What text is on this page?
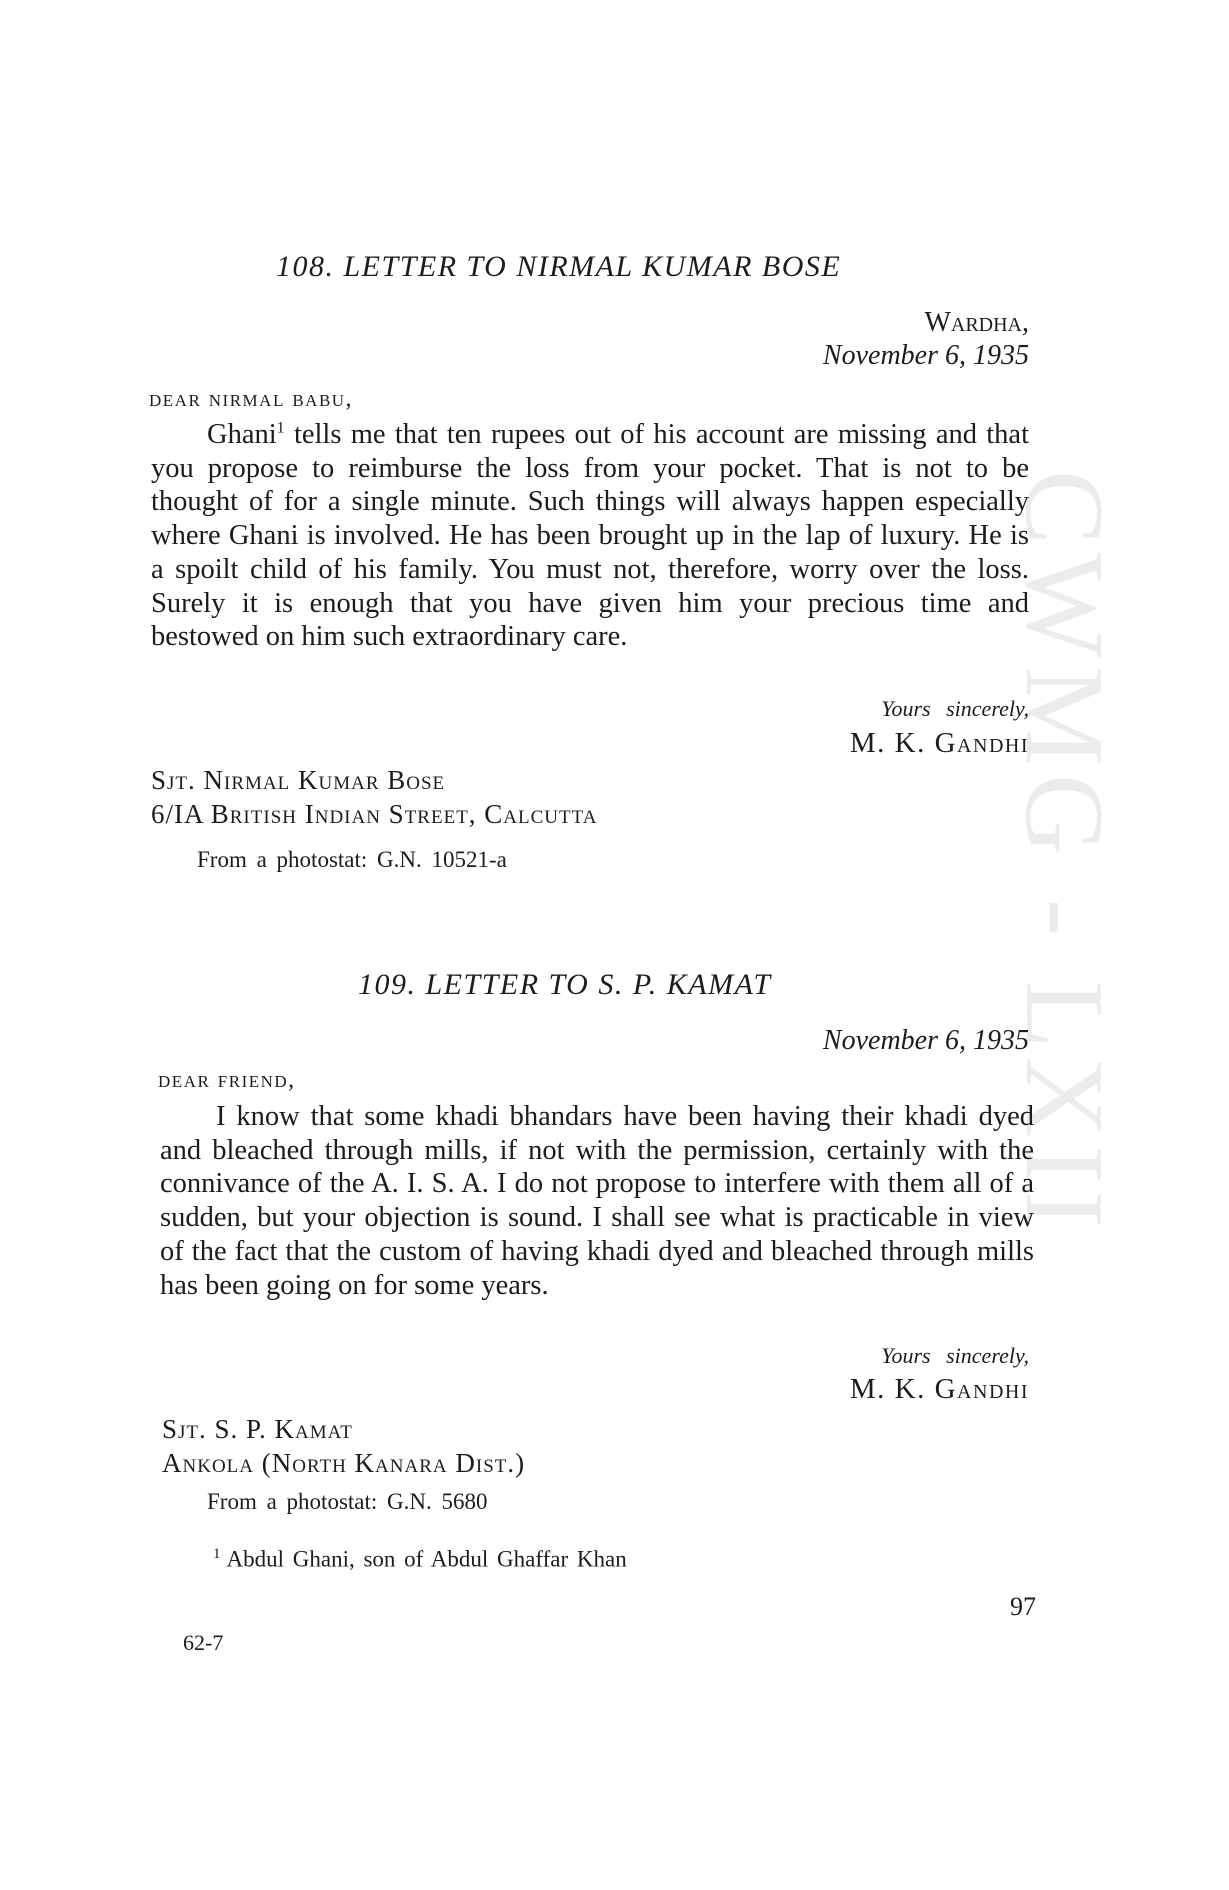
CWMG - LXII
108. LETTER TO NIRMAL KUMAR BOSE
Wardha,
November 6, 1935
dear nirmal babu,

Ghani$^1$ tells me that ten rupees out of his account are missing and that you propose to reimburse the loss from your pocket. That is not to be thought of for a single minute. Such things will always happen especially where Ghani is involved. He has been brought up in the lap of luxury. He is a spoilt child of his family. You must not, therefore, worry over the loss. Surely it is enough that you have given him your precious time and bestowed on him such extraordinary care.

Yours sincerely,
M. K. Gandhi
Sjt. Nirmal Kumar Bose
6/IA British Indian Street, Calcutta
From a photostat: G.N. 10521-a
109. LETTER TO S. P. KAMAT
November 6, 1935
dear friend,

I know that some khadi bhandars have been having their khadi dyed and bleached through mills, if not with the permission, certainly with the connivance of the A. I. S. A. I do not propose to interfere with them all of a sudden, but your objection is sound. I shall see what is practicable in view of the fact that the custom of having khadi dyed and bleached through mills has been going on for some years.

Yours sincerely,
M. K. Gandhi
Sjt. S. P. Kamat
Ankola (North Kanara Dist.)
From a photostat: G.N. 5680
$^1$ Abdul Ghani, son of Abdul Ghaffar Khan
97
62-7
